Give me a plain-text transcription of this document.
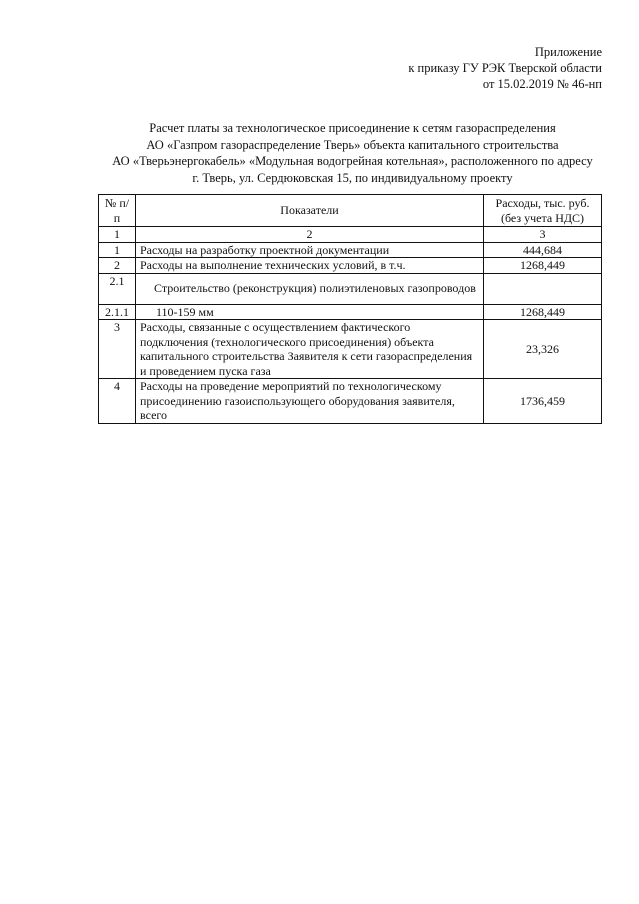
Приложение
к приказу ГУ РЭК Тверской области
от 15.02.2019 № 46-нп
Расчет платы за технологическое присоединение к сетям газораспределения
АО «Газпром газораспределение Тверь» объекта капитального строительства
АО «Тверьэнергокабель» «Модульная водогрейная котельная», расположенного по адресу
г. Тверь, ул. Сердюковская 15, по индивидуальному проекту
№ п/п	Показатели	Расходы, тыс. руб. (без учета НДС)
1	2	3
1	Расходы на разработку проектной документации	444,684
2	Расходы на выполнение технических условий, в т.ч.	1268,449
2.1	Строительство (реконструкция) полиэтиленовых газопроводов	
2.1.1	110-159 мм	1268,449
3	Расходы, связанные с осуществлением фактического подключения (технологического присоединения) объекта капитального строительства Заявителя к сети газораспределения и проведением пуска газа	23,326
4	Расходы на проведение мероприятий по технологическому присоединению газоиспользующего оборудования заявителя, всего	1736,459
